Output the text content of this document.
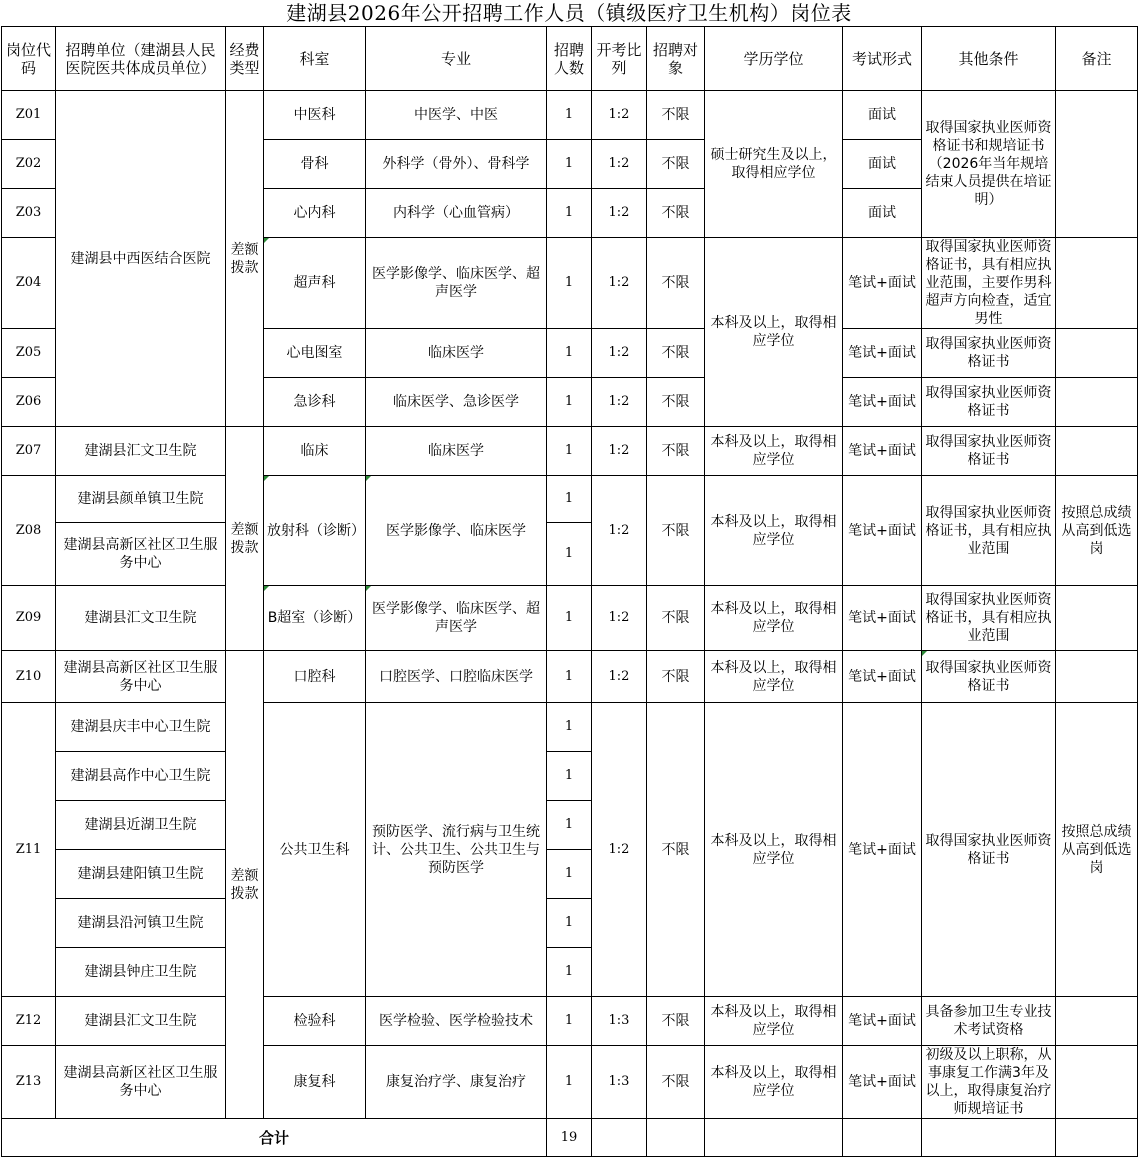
建湖县2026年公开招聘工作人员（镇级医疗卫生机构）岗位表
岗位代码	招聘单位（建湖县人民医院医共体成员单位）	经费类型	科室	专业	招聘人数	开考比列	招聘对象	学历学位	考试形式	其他条件	备注
Z01	建湖县中西医结合医院	差额拨款	中医科	中医学、中医	1	1:2	不限	硕士研究生及以上，取得相应学位	面试	取得国家执业医师资格证书和规培证书（2026年当年规培结束人员提供在培证明）	
Z02			骨科	外科学（骨外）、骨科学	1	1:2	不限		面试		
Z03			心内科	内科学（心血管病）	1	1:2	不限		面试		
Z04			超声科	医学影像学、临床医学、超声医学	1	1:2	不限	本科及以上，取得相应学位	笔试+面试	取得国家执业医师资格证书，具有相应执业范围，主要作男科超声方向检查，适宜男性	
Z05			心电图室	临床医学	1	1:2	不限		笔试+面试	取得国家执业医师资格证书	
Z06			急诊科	临床医学、急诊医学	1	1:2	不限		笔试+面试	取得国家执业医师资格证书	
Z07	建湖县汇文卫生院	差额拨款	临床	临床医学	1	1:2	不限	本科及以上，取得相应学位	笔试+面试	取得国家执业医师资格证书	
Z08	建湖县颜单镇卫生院		放射科（诊断）	医学影像学、临床医学	1	1:2	不限	本科及以上，取得相应学位	笔试+面试	取得国家执业医师资格证书，具有相应执业范围	按照总成绩从高到低选岗
	建湖县高新区社区卫生服务中心				1						
Z09	建湖县汇文卫生院		B超室（诊断）	医学影像学、临床医学、超声医学	1	1:2	不限	本科及以上，取得相应学位	笔试+面试	取得国家执业医师资格证书，具有相应执业范围	
Z10	建湖县高新区社区卫生服务中心	差额拨款	口腔科	口腔医学、口腔临床医学	1	1:2	不限	本科及以上，取得相应学位	笔试+面试	取得国家执业医师资格证书	
Z11	建湖县庆丰中心卫生院		公共卫生科	预防医学、流行病与卫生统计、公共卫生、公共卫生与预防医学	1	1:2	不限	本科及以上，取得相应学位	笔试+面试	取得国家执业医师资格证书	按照总成绩从高到低选岗
	建湖县高作中心卫生院				1						
	建湖县近湖卫生院				1						
	建湖县建阳镇卫生院				1						
	建湖县沿河镇卫生院				1						
	建湖县钟庄卫生院				1						
Z12	建湖县汇文卫生院		检验科	医学检验、医学检验技术	1	1:3	不限	本科及以上，取得相应学位	笔试+面试	具备参加卫生专业技术考试资格	
Z13	建湖县高新区社区卫生服务中心		康复科	康复治疗学、康复治疗	1	1:3	不限	本科及以上，取得相应学位	笔试+面试	初级及以上职称，从事康复工作满3年及以上，取得康复治疗师规培证书	
合计					19						
